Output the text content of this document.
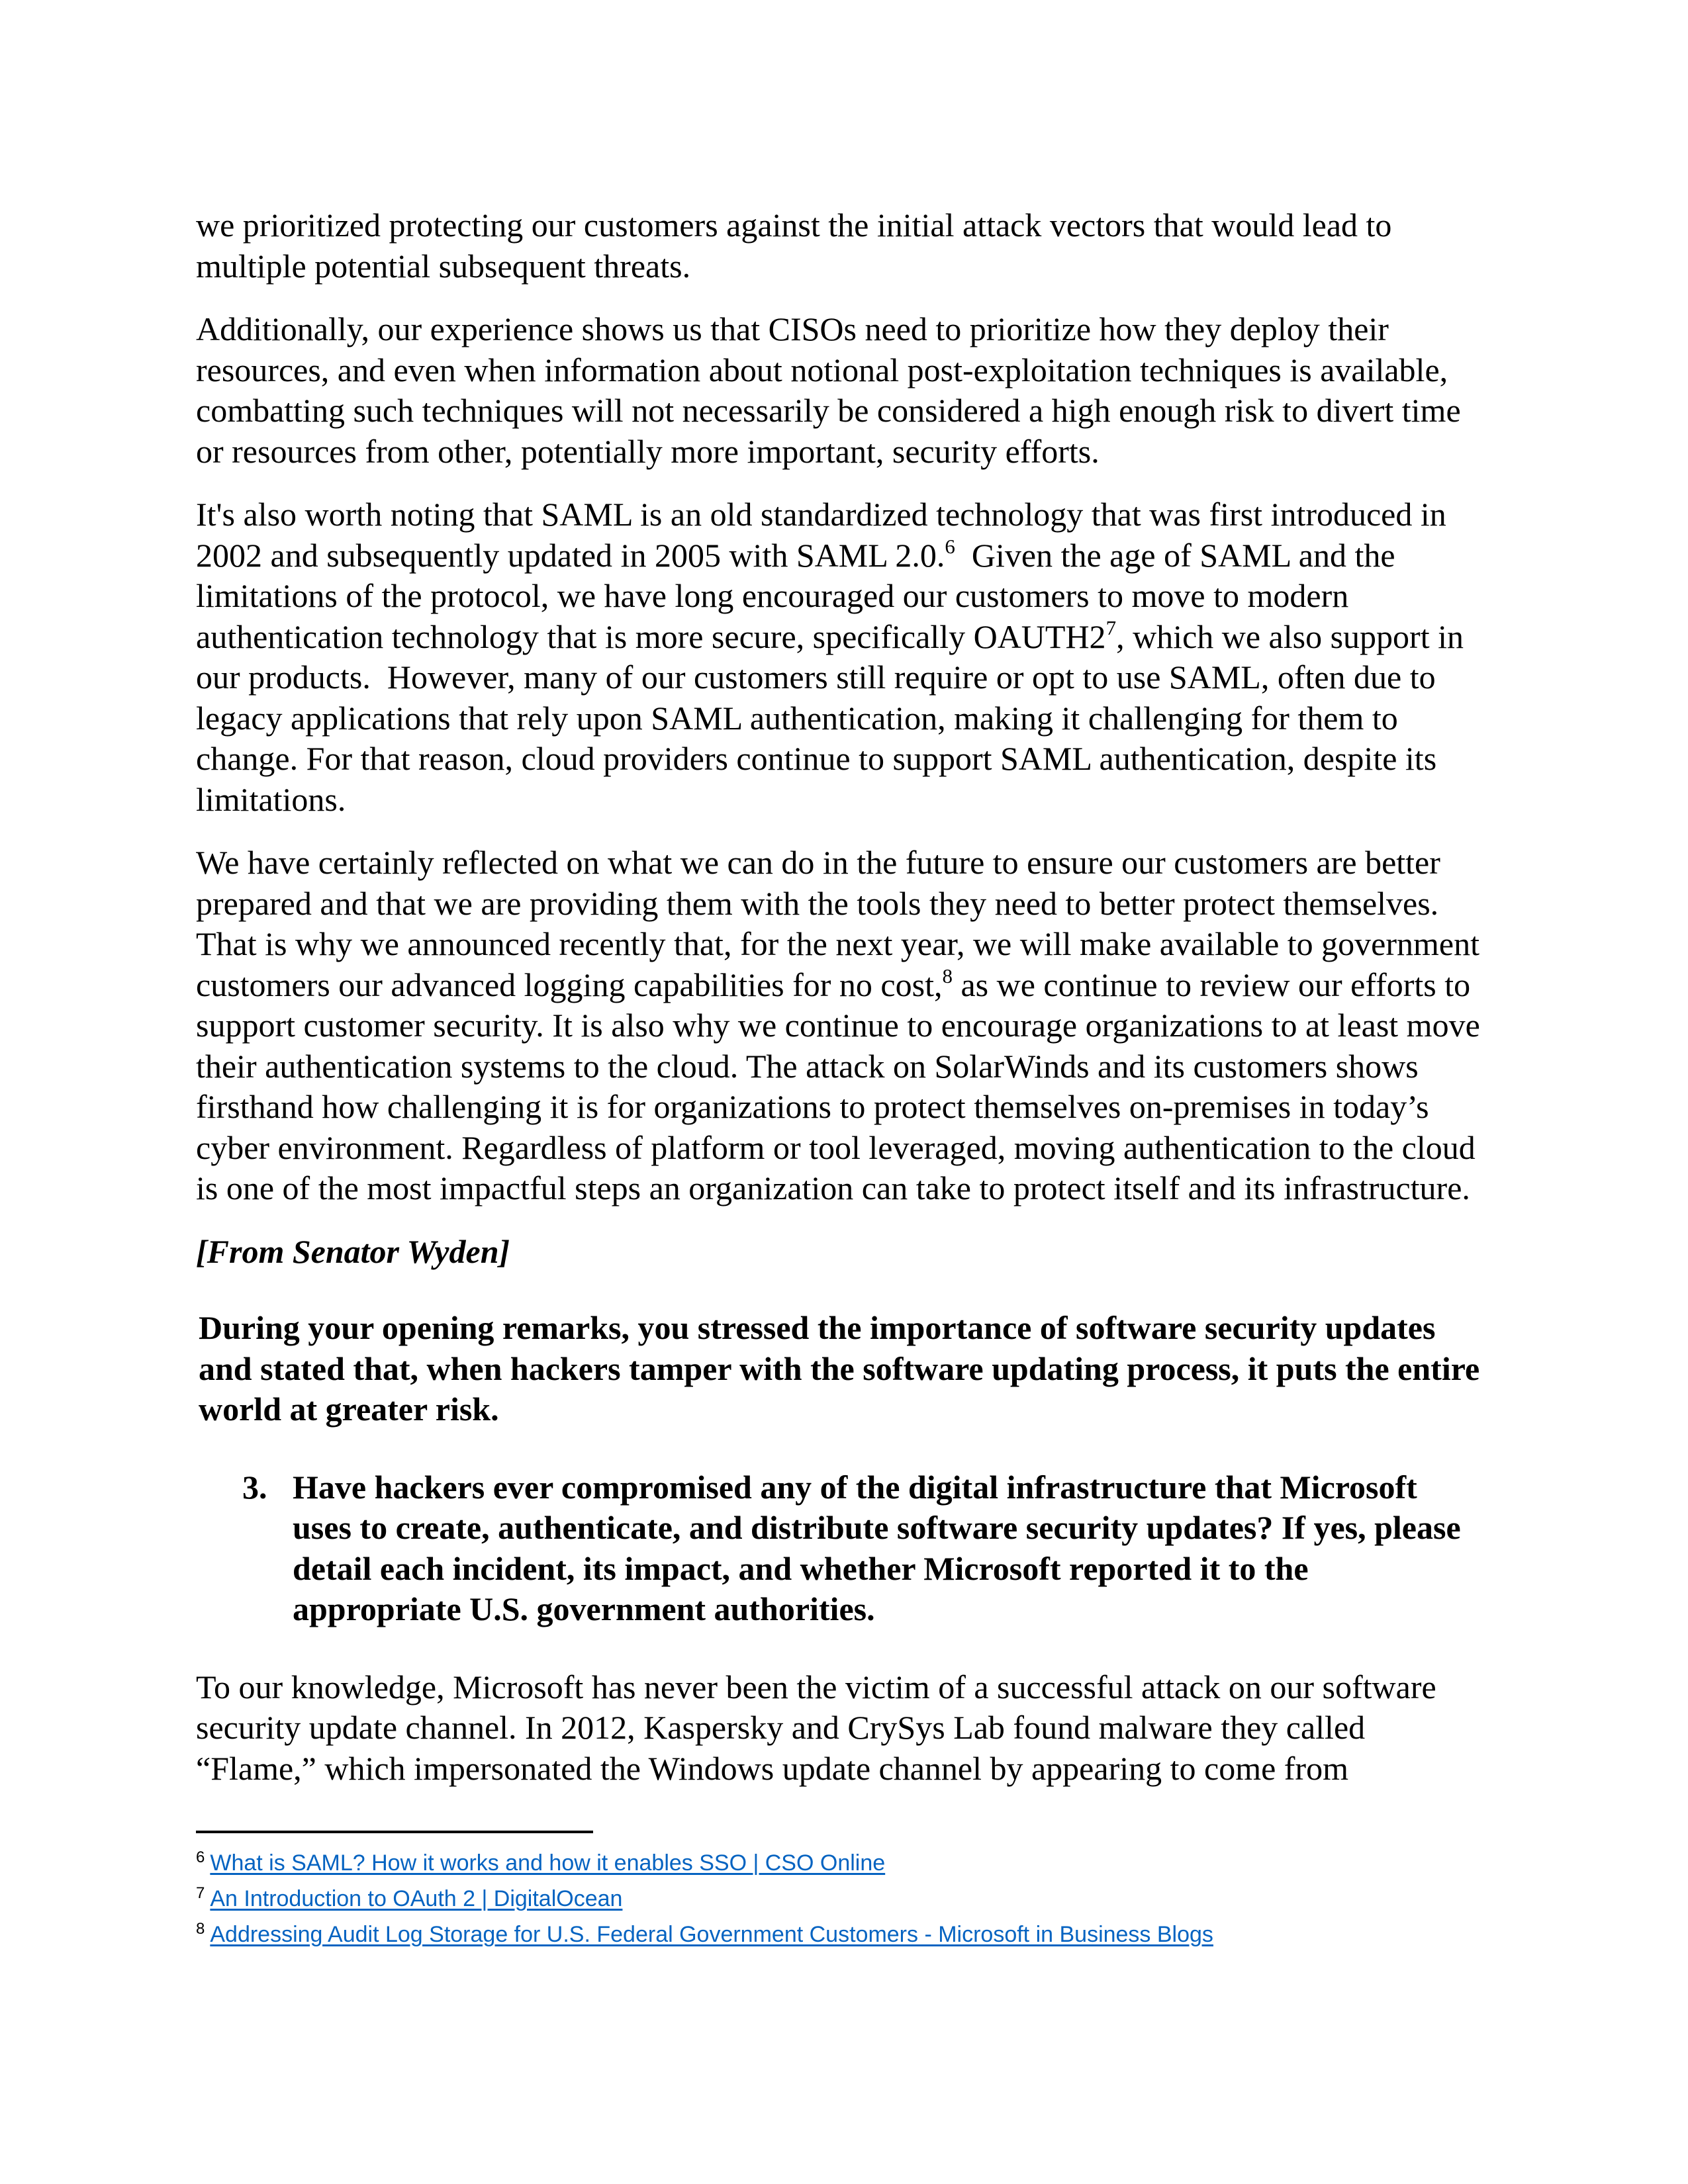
we prioritized protecting our customers against the initial attack vectors that would lead to multiple potential subsequent threats.

Additionally, our experience shows us that CISOs need to prioritize how they deploy their resources, and even when information about notional post-exploitation techniques is available, combatting such techniques will not necessarily be considered a high enough risk to divert time or resources from other, potentially more important, security efforts.

It's also worth noting that SAML is an old standardized technology that was first introduced in 2002 and subsequently updated in 2005 with SAML 2.0.$^6$  Given the age of SAML and the limitations of the protocol, we have long encouraged our customers to move to modern authentication technology that is more secure, specifically $OAUTH2^7$, which we also support in our products.  However, many of our customers still require or opt to use SAML, often due to legacy applications that rely upon SAML authentication, making it challenging for them to change. For that reason, cloud providers continue to support SAML authentication, despite its limitations.

We have certainly reflected on what we can do in the future to ensure our customers are better prepared and that we are providing them with the tools they need to better protect themselves. That is why we announced recently that, for the next year, we will make available to government customers our advanced logging capabilities for no cost,$^8$ as we continue to review our efforts to support customer security. It is also why we continue to encourage organizations to at least move their authentication systems to the cloud. The attack on SolarWinds and its customers shows firsthand how challenging it is for organizations to protect themselves on-premises in today’s cyber environment. Regardless of platform or tool leveraged, moving authentication to the cloud is one of the most impactful steps an organization can take to protect itself and its infrastructure.

[From Senator Wyden]

During your opening remarks, you stressed the importance of software security updates and stated that, when hackers tamper with the software updating process, it puts the entire world at greater risk.

3. Have hackers ever compromised any of the digital infrastructure that Microsoft uses to create, authenticate, and distribute software security updates? If yes, please detail each incident, its impact, and whether Microsoft reported it to the appropriate U.S. government authorities.

To our knowledge, Microsoft has never been the victim of a successful attack on our software security update channel. In 2012, Kaspersky and CrySys Lab found malware they called “Flame,” which impersonated the Windows update channel by appearing to come from

6 What is SAML? How it works and how it enables SSO | CSO Online

7 An Introduction to OAuth 2 | DigitalOcean

8 Addressing Audit Log Storage for U.S. Federal Government Customers - Microsoft in Business Blogs
